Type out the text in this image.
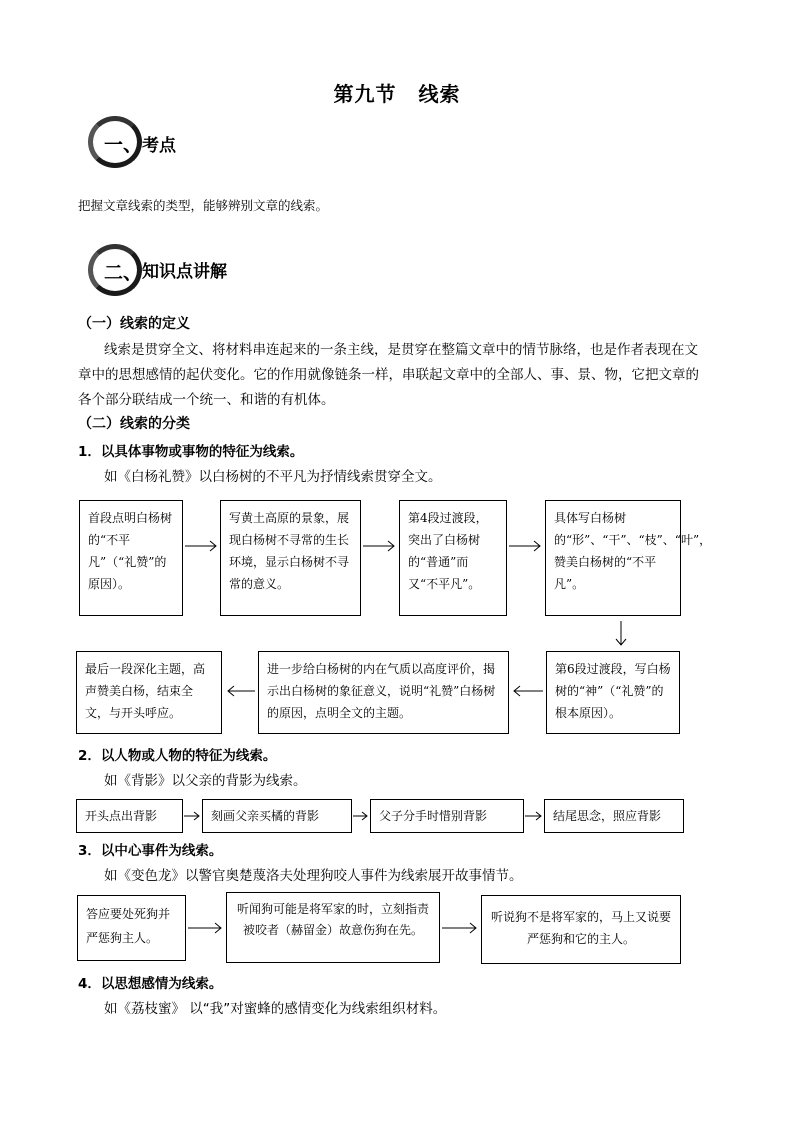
第九节 线索
一、 考点
把握文章线索的类型，能够辨别文章的线索。
二、 知识点讲解
（一）线索的定义
线索是贯穿全文、将材料串连起来的一条主线，是贯穿在整篇文章中的情节脉络，也是作者表现在文
章中的思想感情的起伏变化。它的作用就像链条一样，串联起文章中的全部人、事、景、物，它把文章的
各个部分联结成一个统一、和谐的有机体。
（二）线索的分类
1．以具体事物或事物的特征为线索。
如《白杨礼赞》以白杨树的不平凡为抒情线索贯穿全文。
首段点明白杨树的“不平凡”（“礼赞”的原因）。
写黄土高原的景象，展现白杨树不寻常的生长环境，显示白杨树不寻常的意义。
第4段过渡段，突出了白杨树的“普通”而又“不平凡”。
具体写白杨树的“形”、“干”、“枝”、“叶”，赞美白杨树的“不平凡”。
第6段过渡段，写白杨树的“神”（“礼赞”的根本原因）。
进一步给白杨树的内在气质以高度评价，揭示出白杨树的象征意义，说明“礼赞”白杨树的原因，点明全文的主题。
最后一段深化主题，高声赞美白杨，结束全文，与开头呼应。
2．以人物或人物的特征为线索。
如《背影》以父亲的背影为线索。
开头点出背影	刻画父亲买橘的背影	父子分手时惜别背影	结尾思念，照应背影
3．以中心事件为线索。
如《变色龙》以警官奥楚蔑洛夫处理狗咬人事件为线索展开故事情节。
答应要处死狗并严惩狗主人。
听闻狗可能是将军家的时，立刻指责被咬者（赫留金）故意伤狗在先。
听说狗不是将军家的，马上又说要严惩狗和它的主人。
4．以思想感情为线索。
如《荔枝蜜》 以“我”对蜜蜂的感情变化为线索组织材料。
